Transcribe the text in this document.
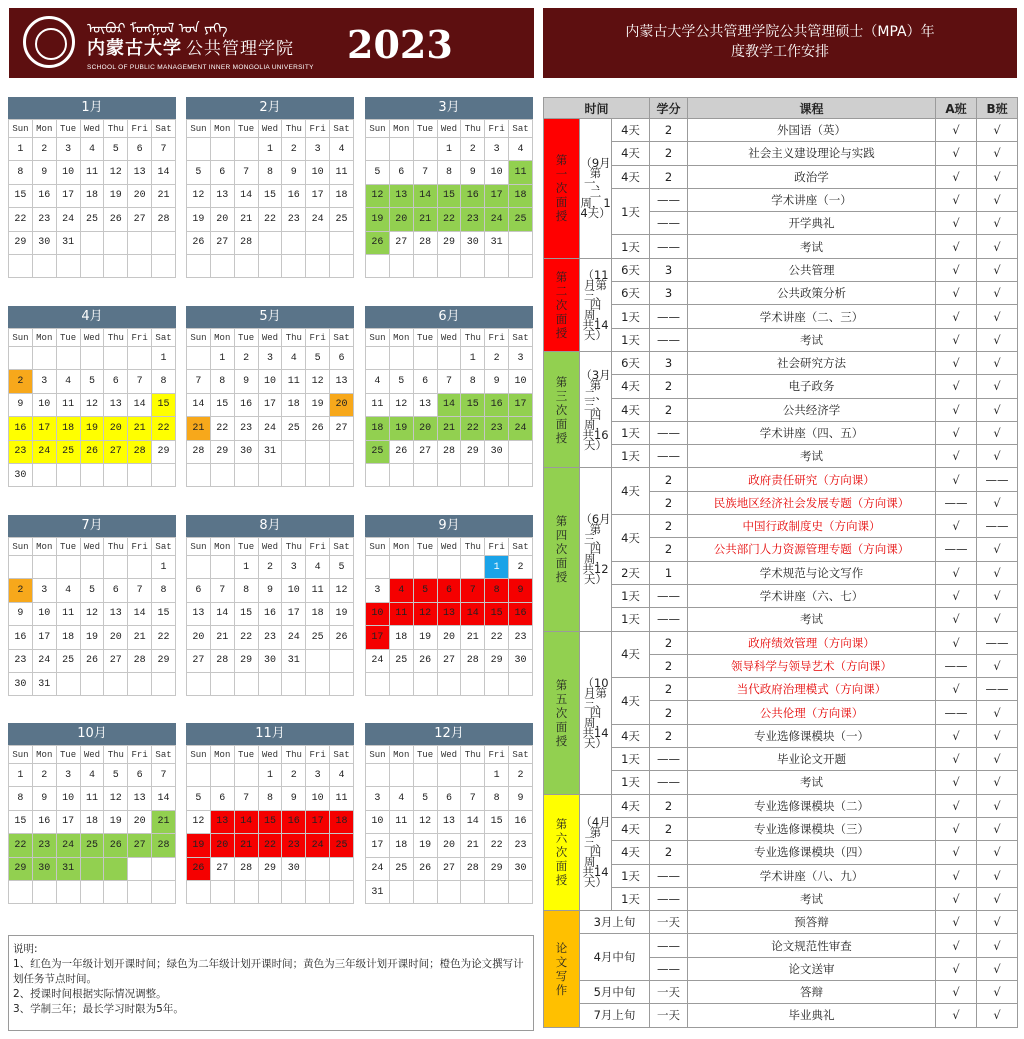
ᠦᠪᠦᠷ ᠮᠣᠩᠭᠣᠯ ᠤᠨ ᠶᠡᠬᠡ
内蒙古大学 公共管理学院
SCHOOL OF PUBLIC MANAGEMENT INNER MONGOLIA UNIVERSITY
2023	内蒙古大学公共管理学院公共管理硕士（MPA）年
度教学工作安排
1月
Sun	Mon	Tue	Wed	Thu	Fri	Sat
1	2	3	4	5	6	7
8	9	10	11	12	13	14
15	16	17	18	19	20	21
22	23	24	25	26	27	28
29	30	31				

2月
Sun	Mon	Tue	Wed	Thu	Fri	Sat
			1	2	3	4
5	6	7	8	9	10	11
12	13	14	15	16	17	18
19	20	21	22	23	24	25
26	27	28				

3月
Sun	Mon	Tue	Wed	Thu	Fri	Sat
			1	2	3	4
5	6	7	8	9	10	11
12	13	14	15	16	17	18
19	20	21	22	23	24	25
26	27	28	29	30	31	

4月
Sun	Mon	Tue	Wed	Thu	Fri	Sat
						1
2	3	4	5	6	7	8
9	10	11	12	13	14	15
16	17	18	19	20	21	22
23	24	25	26	27	28	29
30						
5月
Sun	Mon	Tue	Wed	Thu	Fri	Sat
	1	2	3	4	5	6
7	8	9	10	11	12	13
14	15	16	17	18	19	20
21	22	23	24	25	26	27
28	29	30	31			

6月
Sun	Mon	Tue	Wed	Thu	Fri	Sat
				1	2	3
4	5	6	7	8	9	10
11	12	13	14	15	16	17
18	19	20	21	22	23	24
25	26	27	28	29	30	

7月
Sun	Mon	Tue	Wed	Thu	Fri	Sat
						1
2	3	4	5	6	7	8
9	10	11	12	13	14	15
16	17	18	19	20	21	22
23	24	25	26	27	28	29
30	31					
8月
Sun	Mon	Tue	Wed	Thu	Fri	Sat
		1	2	3	4	5
6	7	8	9	10	11	12
13	14	15	16	17	18	19
20	21	22	23	24	25	26
27	28	29	30	31		

9月
Sun	Mon	Tue	Wed	Thu	Fri	Sat
					1	2
3	4	5	6	7	8	9
10	11	12	13	14	15	16
17	18	19	20	21	22	23
24	25	26	27	28	29	30

10月
Sun	Mon	Tue	Wed	Thu	Fri	Sat
1	2	3	4	5	6	7
8	9	10	11	12	13	14
15	16	17	18	19	20	21
22	23	24	25	26	27	28
29	30	31				

11月
Sun	Mon	Tue	Wed	Thu	Fri	Sat
			1	2	3	4
5	6	7	8	9	10	11
12	13	14	15	16	17	18
19	20	21	22	23	24	25
26	27	28	29	30		

12月
Sun	Mon	Tue	Wed	Thu	Fri	Sat
					1	2
3	4	5	6	7	8	9
10	11	12	13	14	15	16
17	18	19	20	21	22	23
24	25	26	27	28	29	30
31						
说明:
1、红色为一年级计划开课时间；绿色为二年级计划开课时间；黄色为三年级计划开课时间；橙色为论文撰写计划任务节点时间。
2、授课时间根据实际情况调整。
3、学制三年；最长学习时限为5年。
时间			学分	课程	A班	B班

第
一
次
面
授	（9月第一、二周，14天）	4天	2	外国语（英）	√	√
		4天	2	社会主义建设理论与实践	√	√
		4天	2	政治学	√	√
		1天	——	学术讲座（一）	√	√
			——	开学典礼	√	√
		1天	——	考试	√	√

第
二
次
面
授	（11月第三、四周，共14天）	6天	3	公共管理	√	√
		6天	3	公共政策分析	√	√
		1天	——	学术讲座（二、三）	√	√
		1天	——	考试	√	√

第
三
次
面
授	（3月第二、三、四周，共16天）	6天	3	社会研究方法	√	√
		4天	2	电子政务	√	√
		4天	2	公共经济学	√	√
		1天	——	学术讲座（四、五）	√	√
		1天	——	考试	√	√

第
四
次
面
授	（6月第三、四周，共12天）	4天	2	政府责任研究（方向课）	√	——
			2	民族地区经济社会发展专题（方向课）	——	√
		4天	2	中国行政制度史（方向课）	√	——
			2	公共部门人力资源管理专题（方向课）	——	√
		2天	1	学术规范与论文写作	√	√
		1天	——	学术讲座（六、七）	√	√
		1天	——	考试	√	√

第
五
次
面
授	（10月第三、四周，共14天）	4天	2	政府绩效管理（方向课）	√	——
			2	领导科学与领导艺术（方向课）	——	√
		4天	2	当代政府治理模式（方向课）	√	——
			2	公共伦理（方向课）	——	√
		4天	2	专业选修课模块（一）	√	√
		1天	——	毕业论文开题	√	√
		1天	——	考试	√	√

第
六
次
面
授	（4月第三、四周，共14天）	4天	2	专业选修课模块（二）	√	√
		4天	2	专业选修课模块（三）	√	√
		4天	2	专业选修课模块（四）	√	√
		1天	——	学术讲座（八、九）	√	√
		1天	——	考试	√	√

论
文
写
作	3月上旬		一天	预答辩	√	√
	4月中旬		——	论文规范性审查	√	√
			——	论文送审	√	√
	5月中旬		一天	答辩	√	√
	7月上旬		一天	毕业典礼	√	√
